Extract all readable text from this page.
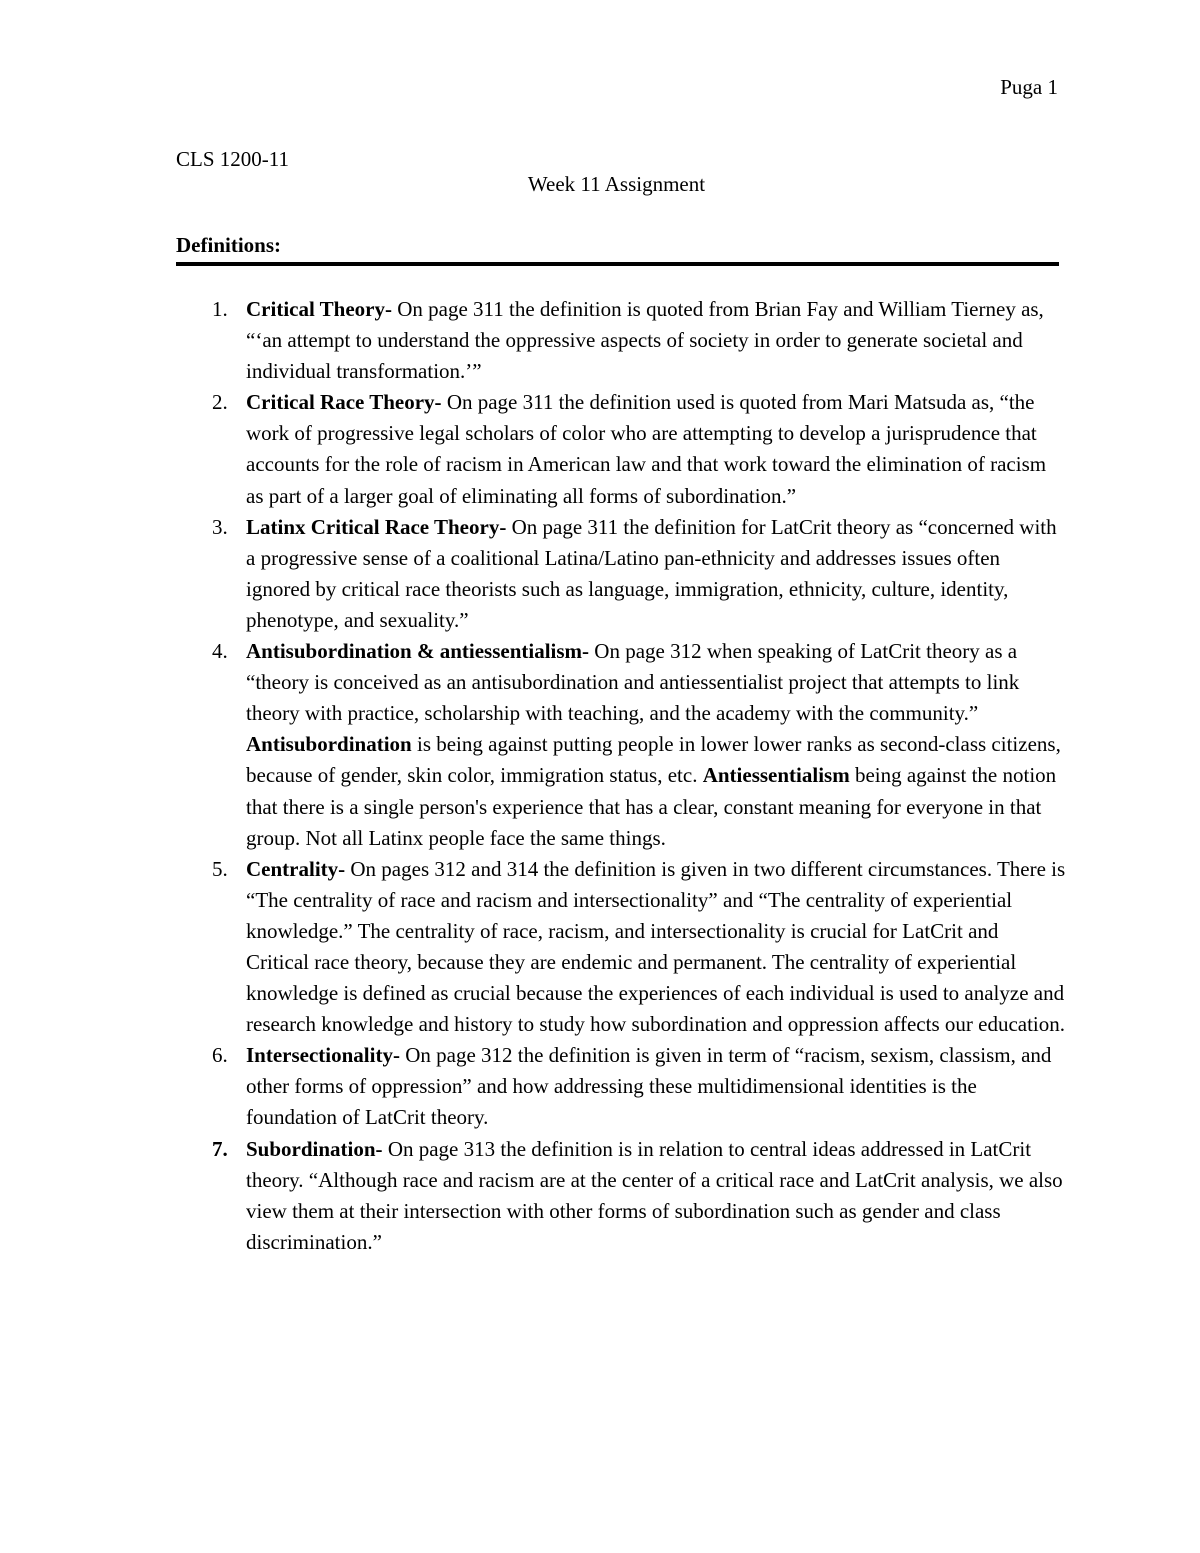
Puga 1
CLS 1200-11
Week 11 Assignment
Definitions:
1. Critical Theory- On page 311 the definition is quoted from Brian Fay and William Tierney as, “‘an attempt to understand the oppressive aspects of society in order to generate societal and individual transformation.’”
2. Critical Race Theory- On page 311 the definition used is quoted from Mari Matsuda as, “the work of progressive legal scholars of color who are attempting to develop a jurisprudence that accounts for the role of racism in American law and that work toward the elimination of racism as part of a larger goal of eliminating all forms of subordination.”
3. Latinx Critical Race Theory- On page 311 the definition for LatCrit theory as “concerned with a progressive sense of a coalitional Latina/Latino pan-ethnicity and addresses issues often ignored by critical race theorists such as language, immigration, ethnicity, culture, identity, phenotype, and sexuality.”
4. Antisubordination & antiessentialism- On page 312 when speaking of LatCrit theory as a “theory is conceived as an antisubordination and antiessentialist project that attempts to link theory with practice, scholarship with teaching, and the academy with the community.” Antisubordination is being against putting people in lower lower ranks as second-class citizens, because of gender, skin color, immigration status, etc. Antiessentialism being against the notion that there is a single person's experience that has a clear, constant meaning for everyone in that group. Not all Latinx people face the same things.
5. Centrality- On pages 312 and 314 the definition is given in two different circumstances. There is “The centrality of race and racism and intersectionality” and “The centrality of experiential knowledge.” The centrality of race, racism, and intersectionality is crucial for LatCrit and Critical race theory, because they are endemic and permanent. The centrality of experiential knowledge is defined as crucial because the experiences of each individual is used to analyze and research knowledge and history to study how subordination and oppression affects our education.
6. Intersectionality- On page 312 the definition is given in term of “racism, sexism, classism, and other forms of oppression” and how addressing these multidimensional identities is the foundation of LatCrit theory.
7. Subordination- On page 313 the definition is in relation to central ideas addressed in LatCrit theory. “Although race and racism are at the center of a critical race and LatCrit analysis, we also view them at their intersection with other forms of subordination such as gender and class discrimination.”
